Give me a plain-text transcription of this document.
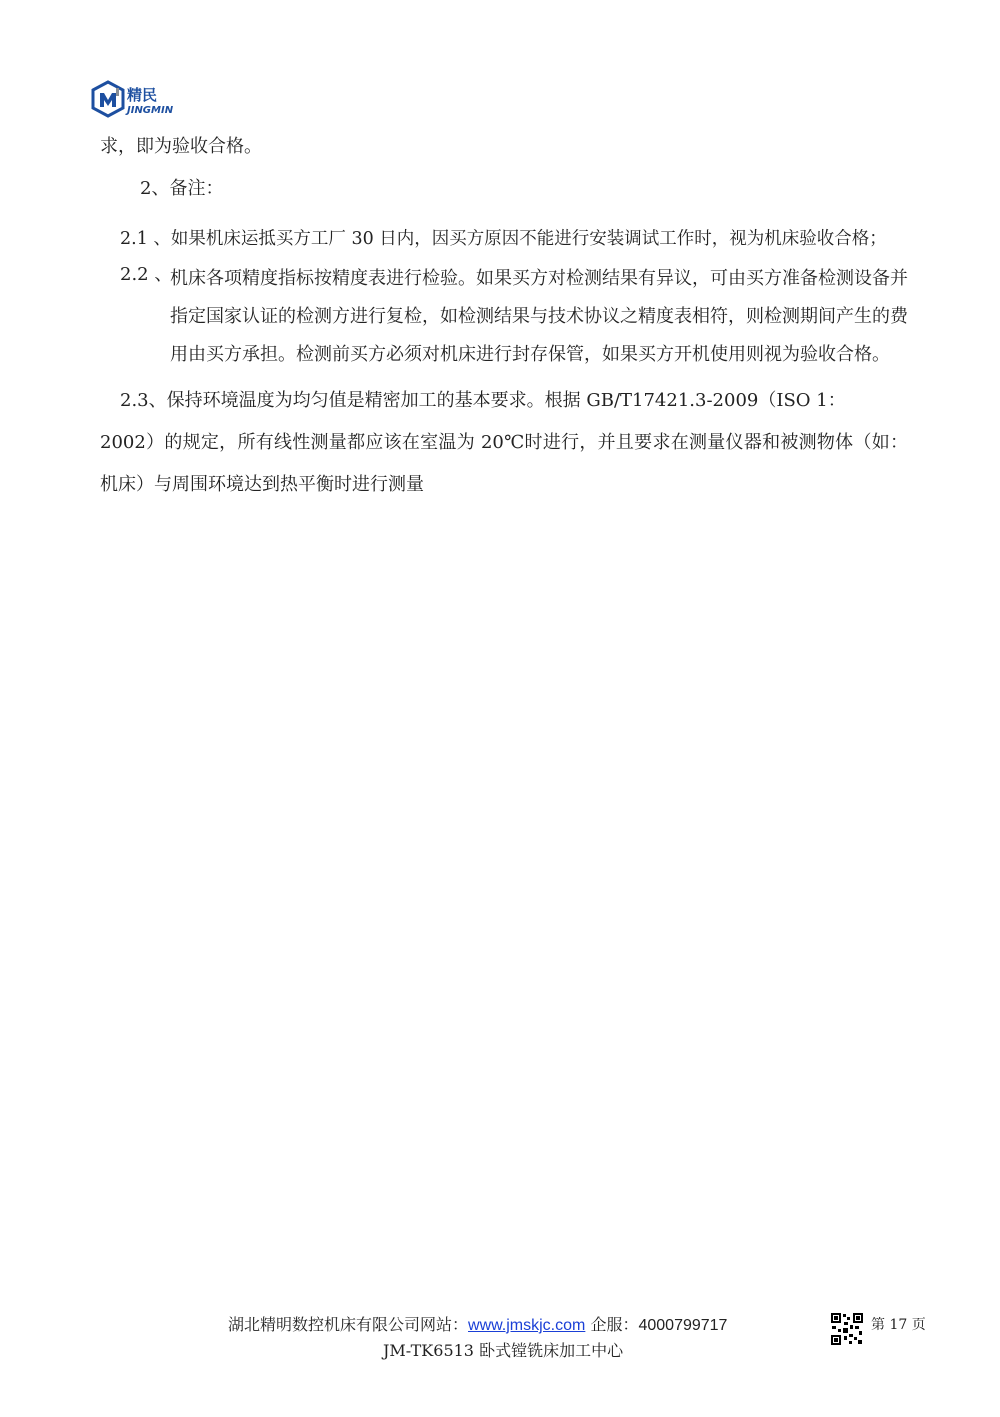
精民
JINGMIN
求，即为验收合格。
2、备注：
2.1 、如果机床运抵买方工厂 30 日内，因买方原因不能进行安装调试工作时，视为机床验收合格；
2.2 、
机床各项精度指标按精度表进行检验。如果买方对检测结果有异议，可由买方准备检测设备并指定国家认证的检测方进行复检，如检测结果与技术协议之精度表相符，则检测期间产生的费用由买方承担。检测前买方必须对机床进行封存保管，如果买方开机使用则视为验收合格。
2.3、保持环境温度为均匀值是精密加工的基本要求。根据 GB/T17421.3-2009（ISO 1：
2002）的规定，所有线性测量都应该在室温为 20℃时进行，并且要求在测量仪器和被测物体（如：机床）与周围环境达到热平衡时进行测量
湖北精明数控机床有限公司网站：www.jmskjc.com 企服：4000799717
JM-TK6513 卧式镗铣床加工中心
第 17 页
